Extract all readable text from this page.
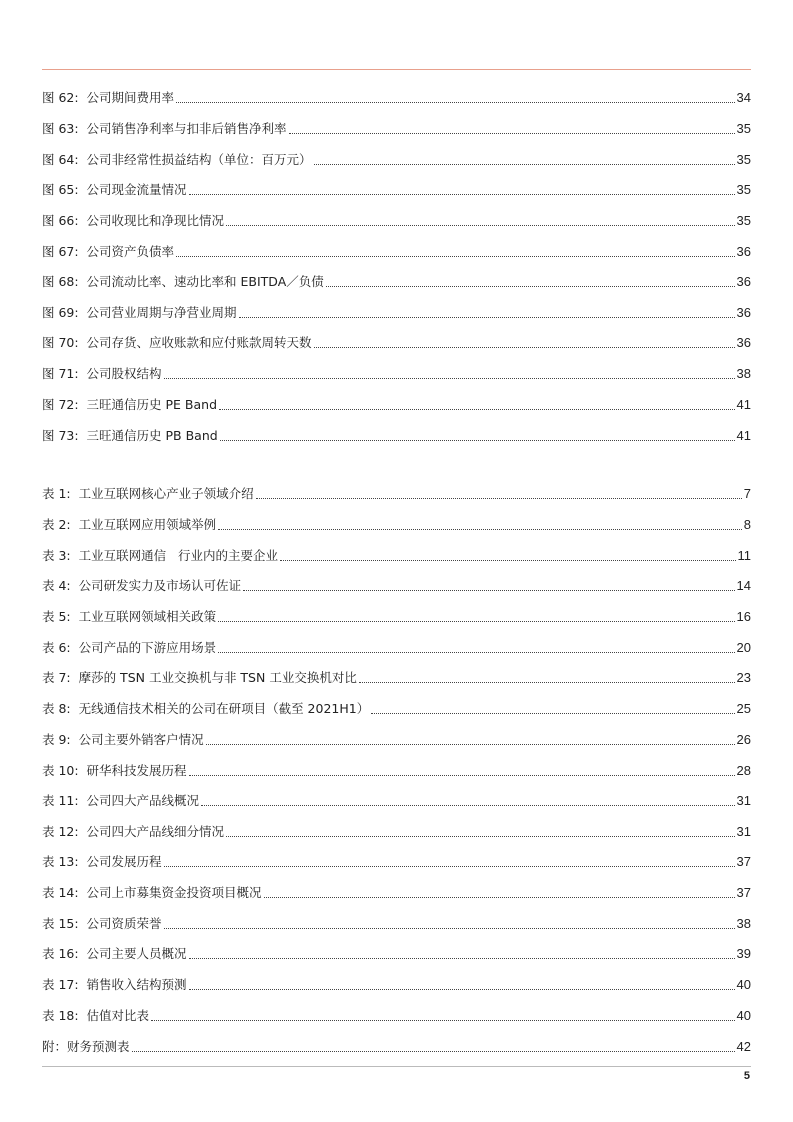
图 62:  公司期间费用率	34
图 63:  公司销售净利率与扣非后销售净利率	35
图 64:  公司非经常性损益结构（单位：百万元）	35
图 65:  公司现金流量情况	35
图 66:  公司收现比和净现比情况	35
图 67:  公司资产负债率	36
图 68:  公司流动比率、速动比率和 EBITDA／负债	36
图 69:  公司营业周期与净营业周期	36
图 70:  公司存货、应收账款和应付账款周转天数	36
图 71:  公司股权结构	38
图 72:  三旺通信历史 PE Band	41
图 73:  三旺通信历史 PB Band	41
表 1:  工业互联网核心产业子领域介绍	7
表 2:  工业互联网应用领域举例	8
表 3:  工业互联网通信   行业内的主要企业	11
表 4:  公司研发实力及市场认可佐证	14
表 5:  工业互联网领域相关政策	16
表 6:  公司产品的下游应用场景	20
表 7:  摩莎的 TSN 工业交换机与非 TSN 工业交换机对比	23
表 8:  无线通信技术相关的公司在研项目（截至 2021H1）	25
表 9:  公司主要外销客户情况	26
表 10:  研华科技发展历程	28
表 11:  公司四大产品线概况	31
表 12:  公司四大产品线细分情况	31
表 13:  公司发展历程	37
表 14:  公司上市募集资金投资项目概况	37
表 15:  公司资质荣誉	38
表 16:  公司主要人员概况	39
表 17:  销售收入结构预测	40
表 18:  估值对比表	40
附：财务预测表	42
5
